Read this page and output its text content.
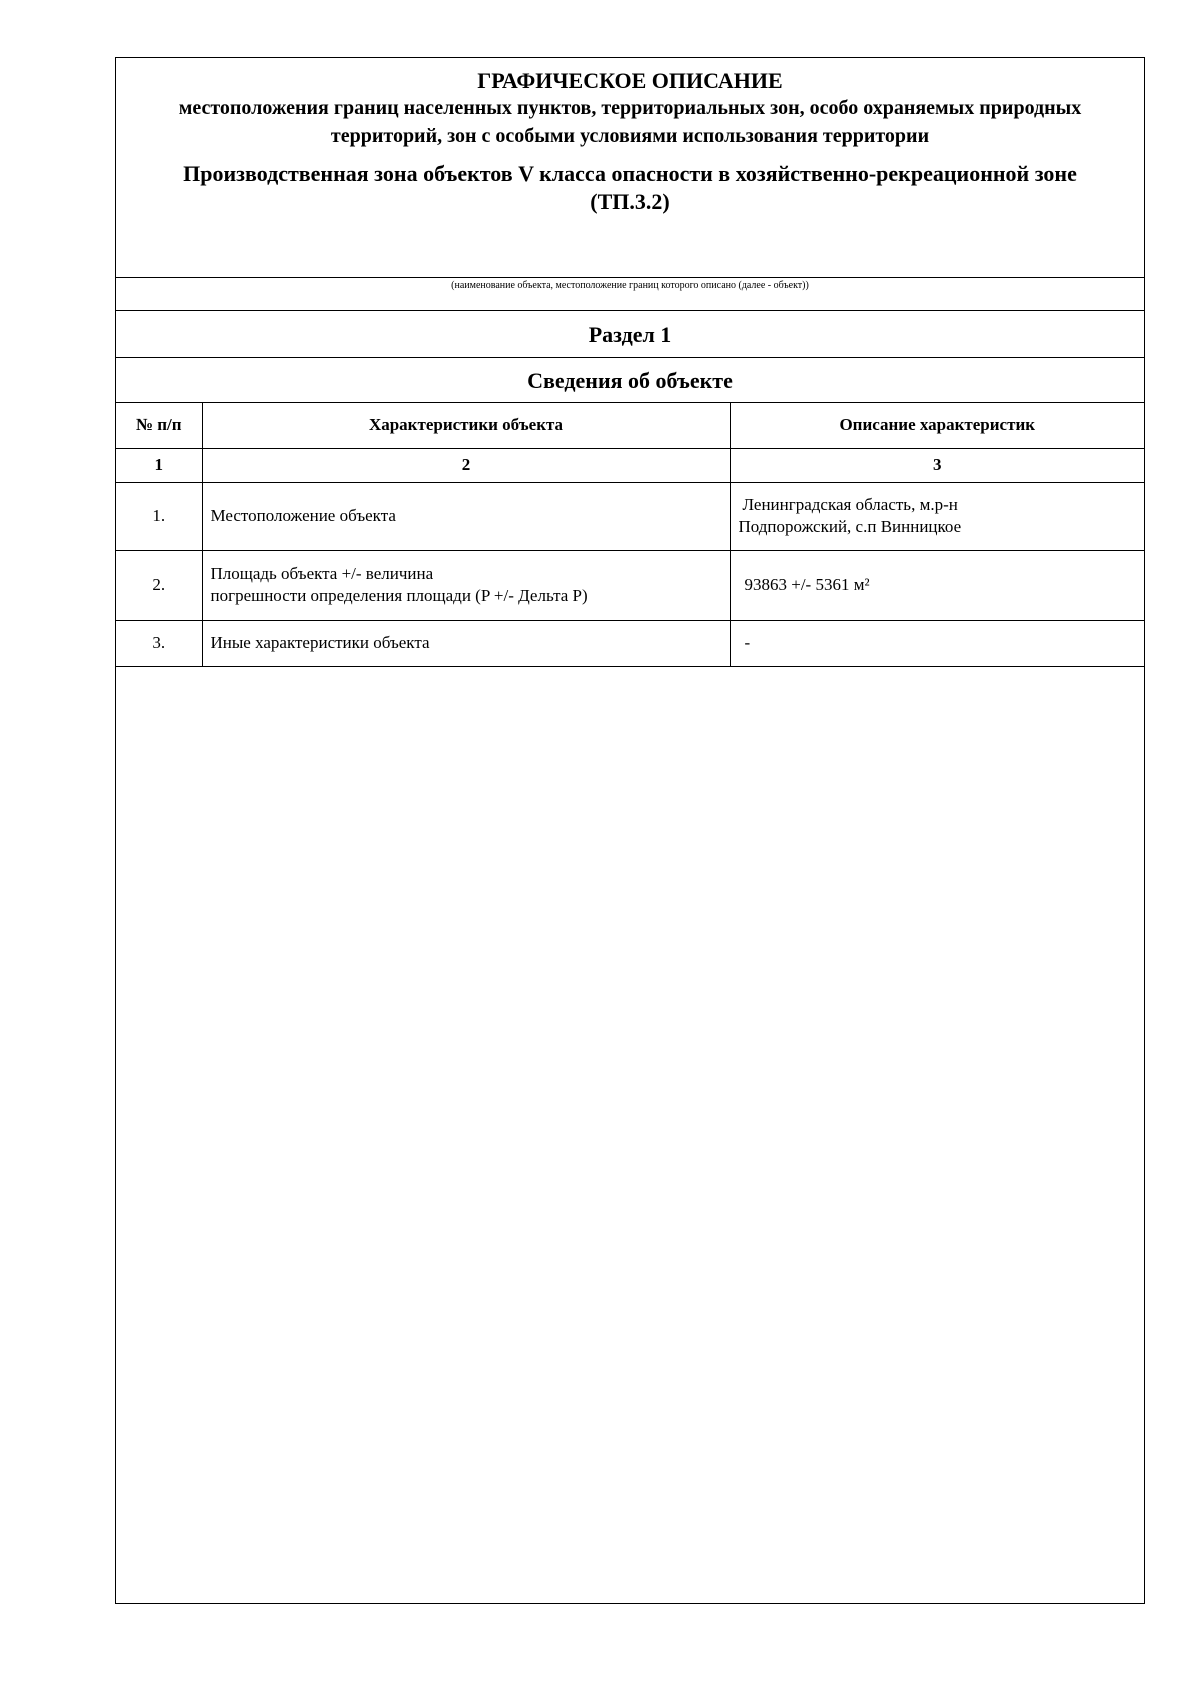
ГРАФИЧЕСКОЕ ОПИСАНИЕ
местоположения границ населенных пунктов, территориальных зон, особо охраняемых природных территорий, зон с особыми условиями использования территории
Производственная зона объектов V класса опасности в хозяйственно-рекреационной зоне (ТП.3.2)
(наименование объекта, местоположение границ которого описано (далее - объект))
Раздел 1
Сведения об объекте
№ п/п	Характеристики объекта	Описание характеристик
1	2	3
1.	Местоположение объекта	Ленинградская область, м.р-н
Подпорожский, с.п Винницкое

2.	Площадь объекта +/- величина
погрешности определения площади (P +/- Дельта P)	93863 +/- 5361 м²
3.	Иные характеристики объекта	-
